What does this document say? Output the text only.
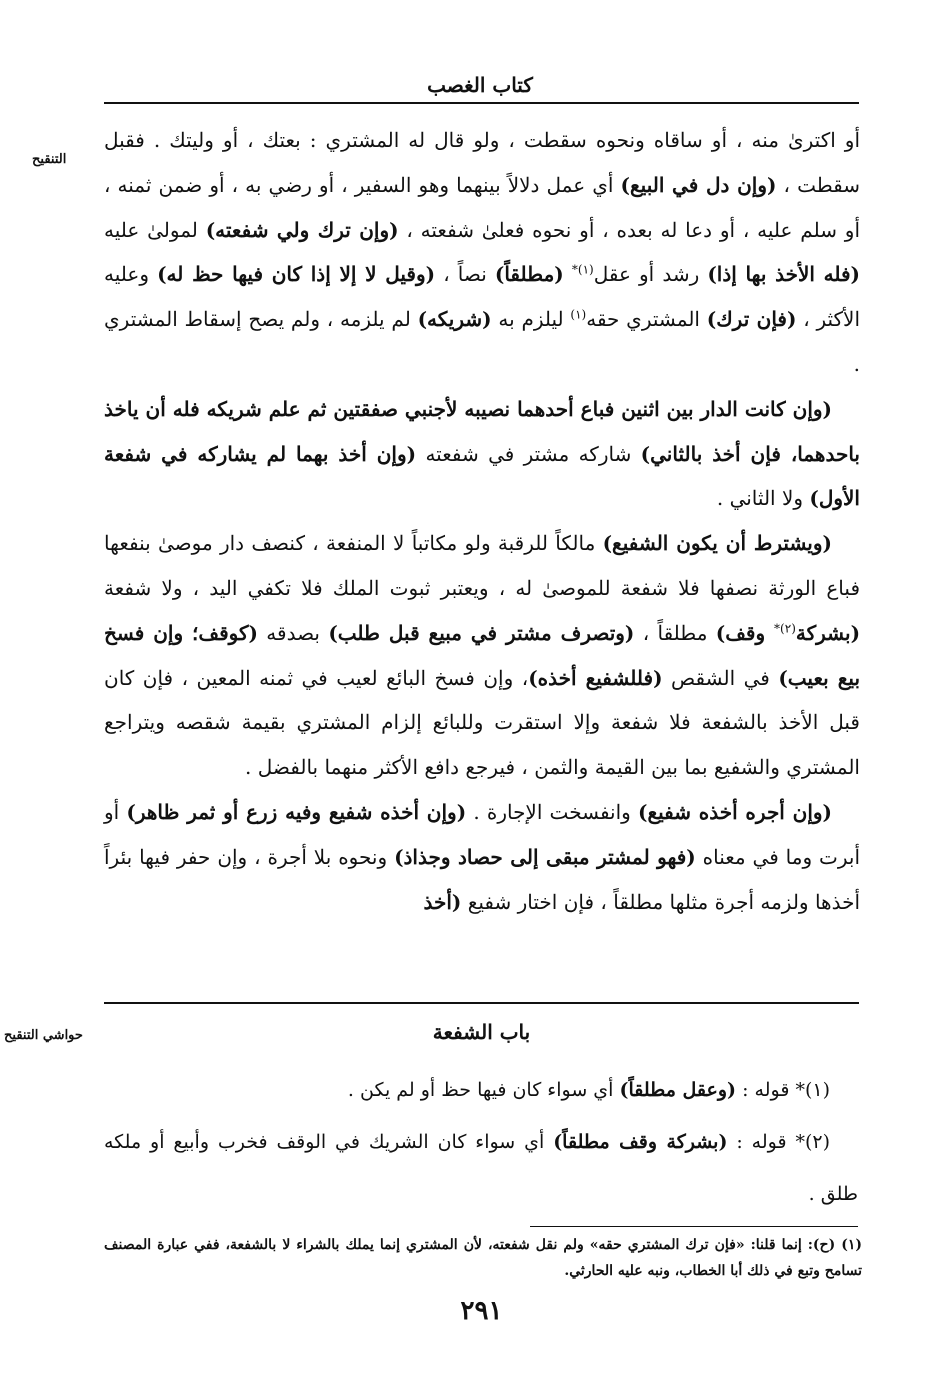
كتاب الغصب
التنقيح

أو اكترىٰ منه ، أو ساقاه ونحوه سقطت ، ولو قال له المشتري : بعتك ، أو وليتك . فقبل سقطت ، (وإن دل في البيع) أي عمل دلالاً بينهما وهو السفير ، أو رضي به ، أو ضمن ثمنه ، أو سلم عليه ، أو دعا له بعده ، أو نحوه فعلىٰ شفعته ، (وإن ترك ولي شفعته) لمولىٰ عليه (فله الأخذ بها إذا) رشد أو عقل$^{(١)*}$ (مطلقاً) نصاً ، (وقيل لا إلا إذا كان فيها حظ له) وعليه الأكثر ، (فإن ترك) المشتري حقه$^{(١)}$ ليلزم به (شريكه) لم يلزمه ، ولم يصح إسقاط المشتري .

(وإن كانت الدار بين اثنين فباع أحدهما نصيبه لأجنبي صفقتين ثم علم شريكه فله أن ياخذ باحدهما، فإن أخذ بالثاني) شاركه مشتر في شفعته (وإن أخذ بهما لم يشاركه في شفعة الأول) ولا الثاني .

(ويشترط أن يكون الشفيع) مالكاً للرقبة ولو مكاتباً لا المنفعة ، كنصف دار موصىٰ بنفعها فباع الورثة نصفها فلا شفعة للموصىٰ له ، ويعتبر ثبوت الملك فلا تكفي اليد ، ولا شفعة (بشركة$^{(٢)*}$ وقف) مطلقاً ، (وتصرف مشتر في مبيع قبل طلب) بصدقه (كوقف؛ وإن فسخ بيع بعيب) في الشقص (فللشفيع أخذه)، وإن فسخ البائع لعيب في ثمنه المعين ، فإن كان قبل الأخذ بالشفعة فلا شفعة وإلا استقرت وللبائع إلزام المشتري بقيمة شقصه ويتراجع المشتري والشفيع بما بين القيمة والثمن ، فيرجع دافع الأكثر منهما بالفضل .

(وإن أجره أخذه شفيع) وانفسخت الإجارة . (وإن أخذه شفيع وفيه زرع أو ثمر ظاهر) أو أبرت وما في معناه (فهو لمشتر مبقى إلى حصاد وجذاذ) ونحوه بلا أجرة ، وإن حفر فيها بئراً أخذها ولزمه أجرة مثلها مطلقاً ، فإن اختار شفيع (أخذ

حواشي التنقيح	باب الشفعة

(١)* قوله : (وعقل مطلقاً) أي سواء كان فيها حظ أو لم يكن .

(٢)* قوله : (بشركة وقف مطلقاً) أي سواء كان الشريك في الوقف فخرب وأبيع أو ملكه طلق .

(١) (ح): إنما قلنا: «فإن ترك المشتري حقه» ولم نقل شفعته، لأن المشتري إنما يملك بالشراء لا بالشفعة، ففي عبارة المصنف تسامح وتبع في ذلك أبا الخطاب، ونبه عليه الحارثي.

٢٩١
